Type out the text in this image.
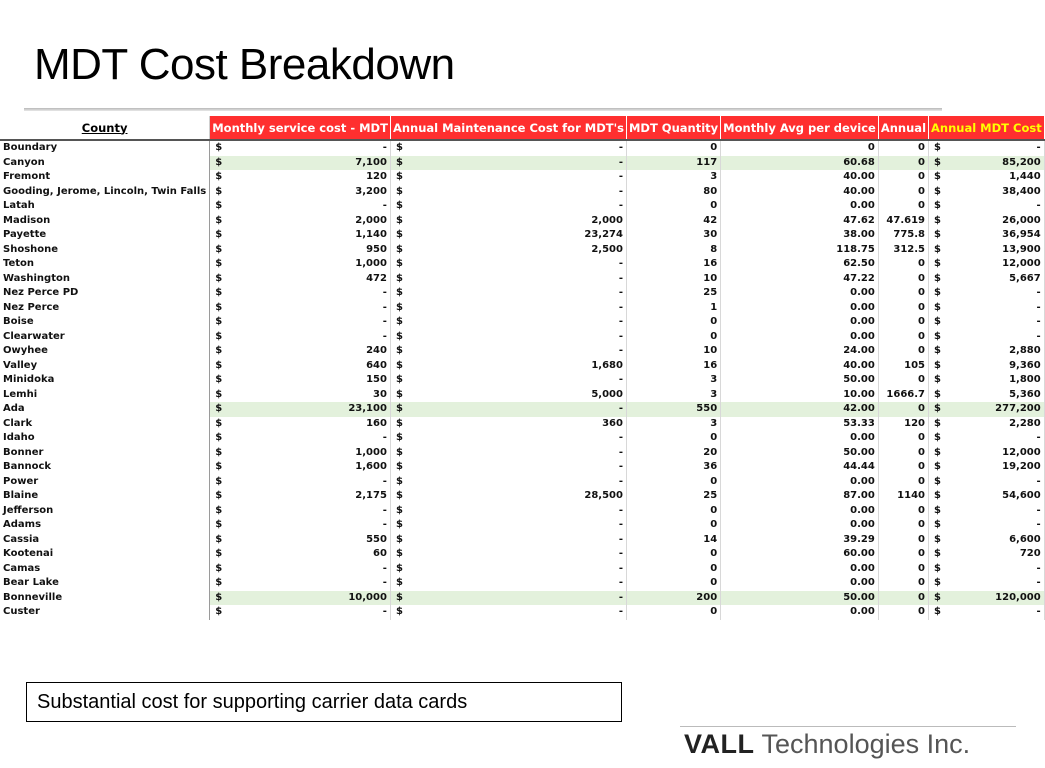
MDT Cost Breakdown
County	Monthly service cost - MDT	Annual Maintenance Cost for MDT's	MDT Quantity	Monthly Avg per device	Annual	Annual MDT Cost
Boundary	$ -	$ -	0	0	0	$ -

Canyon	$ 7,100	$ -	117	60.68	0	$ 85,200

Fremont	$ 120	$ -	3	40.00	0	$ 1,440

Gooding, Jerome, Lincoln, Twin Falls	$ 3,200	$ -	80	40.00	0	$ 38,400

Latah	$ -	$ -	0	0.00	0	$ -

Madison	$ 2,000	$ 2,000	42	47.62	47.619	$ 26,000

Payette	$ 1,140	$ 23,274	30	38.00	775.8	$ 36,954

Shoshone	$ 950	$ 2,500	8	118.75	312.5	$ 13,900

Teton	$ 1,000	$ -	16	62.50	0	$ 12,000

Washington	$ 472	$ -	10	47.22	0	$ 5,667

Nez Perce PD	$ -	$ -	25	0.00	0	$ -

Nez Perce	$ -	$ -	1	0.00	0	$ -

Boise	$ -	$ -	0	0.00	0	$ -

Clearwater	$ -	$ -	0	0.00	0	$ -

Owyhee	$ 240	$ -	10	24.00	0	$ 2,880

Valley	$ 640	$ 1,680	16	40.00	105	$ 9,360

Minidoka	$ 150	$ -	3	50.00	0	$ 1,800

Lemhi	$ 30	$ 5,000	3	10.00	1666.7	$ 5,360

Ada	$ 23,100	$ -	550	42.00	0	$ 277,200

Clark	$ 160	$ 360	3	53.33	120	$ 2,280

Idaho	$ -	$ -	0	0.00	0	$ -

Bonner	$ 1,000	$ -	20	50.00	0	$ 12,000

Bannock	$ 1,600	$ -	36	44.44	0	$ 19,200

Power	$ -	$ -	0	0.00	0	$ -

Blaine	$ 2,175	$ 28,500	25	87.00	1140	$ 54,600

Jefferson	$ -	$ -	0	0.00	0	$ -

Adams	$ -	$ -	0	0.00	0	$ -

Cassia	$ 550	$ -	14	39.29	0	$ 6,600

Kootenai	$ 60	$ -	0	60.00	0	$ 720

Camas	$ -	$ -	0	0.00	0	$ -

Bear Lake	$ -	$ -	0	0.00	0	$ -

Bonneville	$ 10,000	$ -	200	50.00	0	$ 120,000

Custer	$ -	$ -	0	0.00	0	$ -
Substantial cost for supporting carrier data cards
VALL Technologies Inc.
